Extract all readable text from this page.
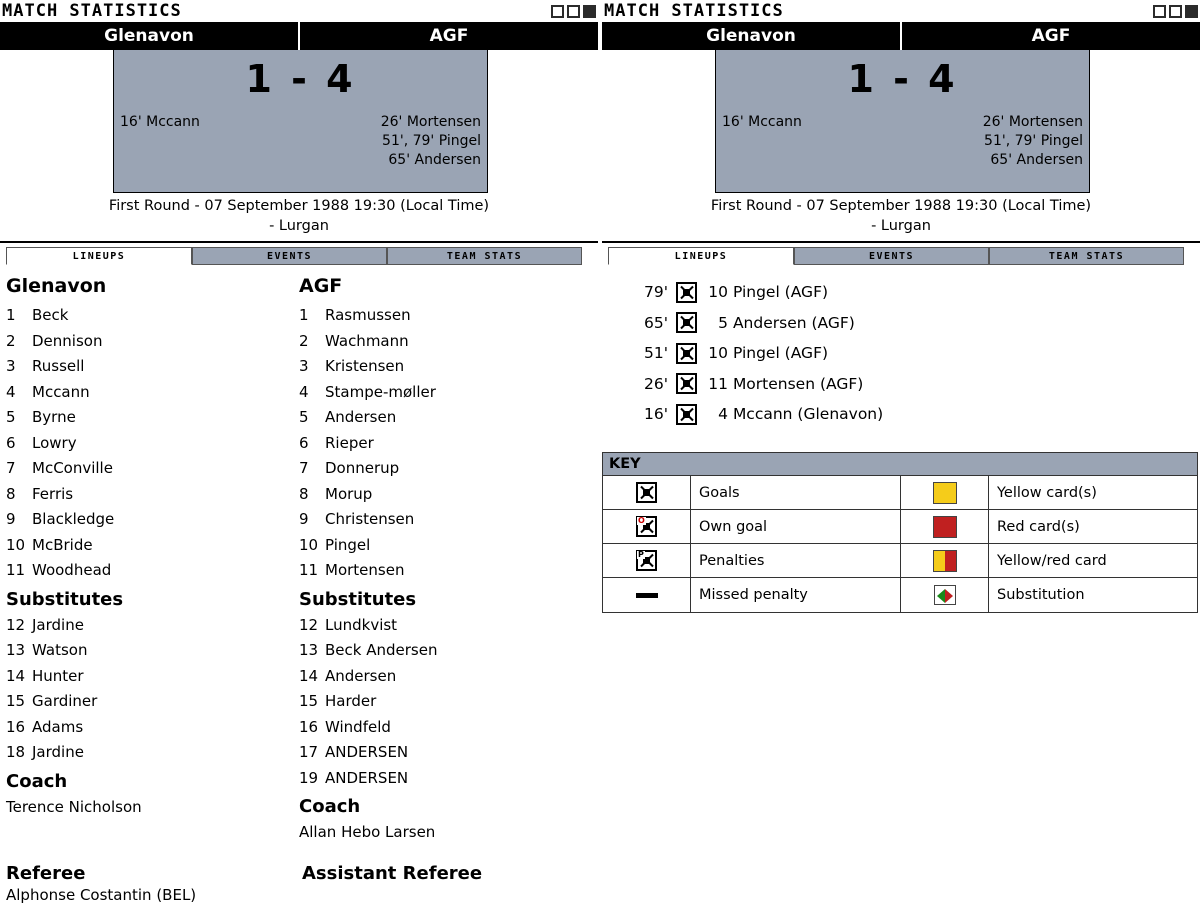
MATCH STATISTICS
Glenavon	AGF
1 - 4
16' Mccann	26' Mortensen
51', 79' Pingel
65' Andersen
First Round - 07 September 1988 19:30 (Local Time)
- Lurgan
LINEUPS	EVENTS	TEAM STATS
Glenavon
1	Beck
2	Dennison
3	Russell
4	Mccann
5	Byrne
6	Lowry
7	McConville
8	Ferris
9	Blackledge
10 McBride
11 Woodhead
Substitutes
12 Jardine
13 Watson
14 Hunter
15 Gardiner
16 Adams
18 Jardine
Coach
Terence Nicholson
AGF
1	Rasmussen
2	Wachmann
3	Kristensen
4	Stampe-møller
5	Andersen
6	Rieper
7	Donnerup
8	Morup
9	Christensen
10 Pingel
11 Mortensen
Substitutes
12 Lundkvist
13 Beck Andersen
14 Andersen
15 Harder
16 Windfeld
17 ANDERSEN
19 ANDERSEN
Coach
Allan Hebo Larsen
Referee
Alphonse Costantin (BEL)
Assistant Referee
MATCH STATISTICS
Glenavon	AGF
1 - 4
16' Mccann	26' Mortensen
51', 79' Pingel
65' Andersen
First Round - 07 September 1988 19:30 (Local Time)
- Lurgan
LINEUPS	EVENTS	TEAM STATS
79'	10 Pingel (AGF)
65'	5 Andersen (AGF)
51'	10 Pingel (AGF)
26'	11 Mortensen (AGF)
16'	4 Mccann (Glenavon)
KEY
Goals	Yellow card(s)
O	Own goal	Red card(s)
P	Penalties	Yellow/red card
Missed penalty	Substitution
